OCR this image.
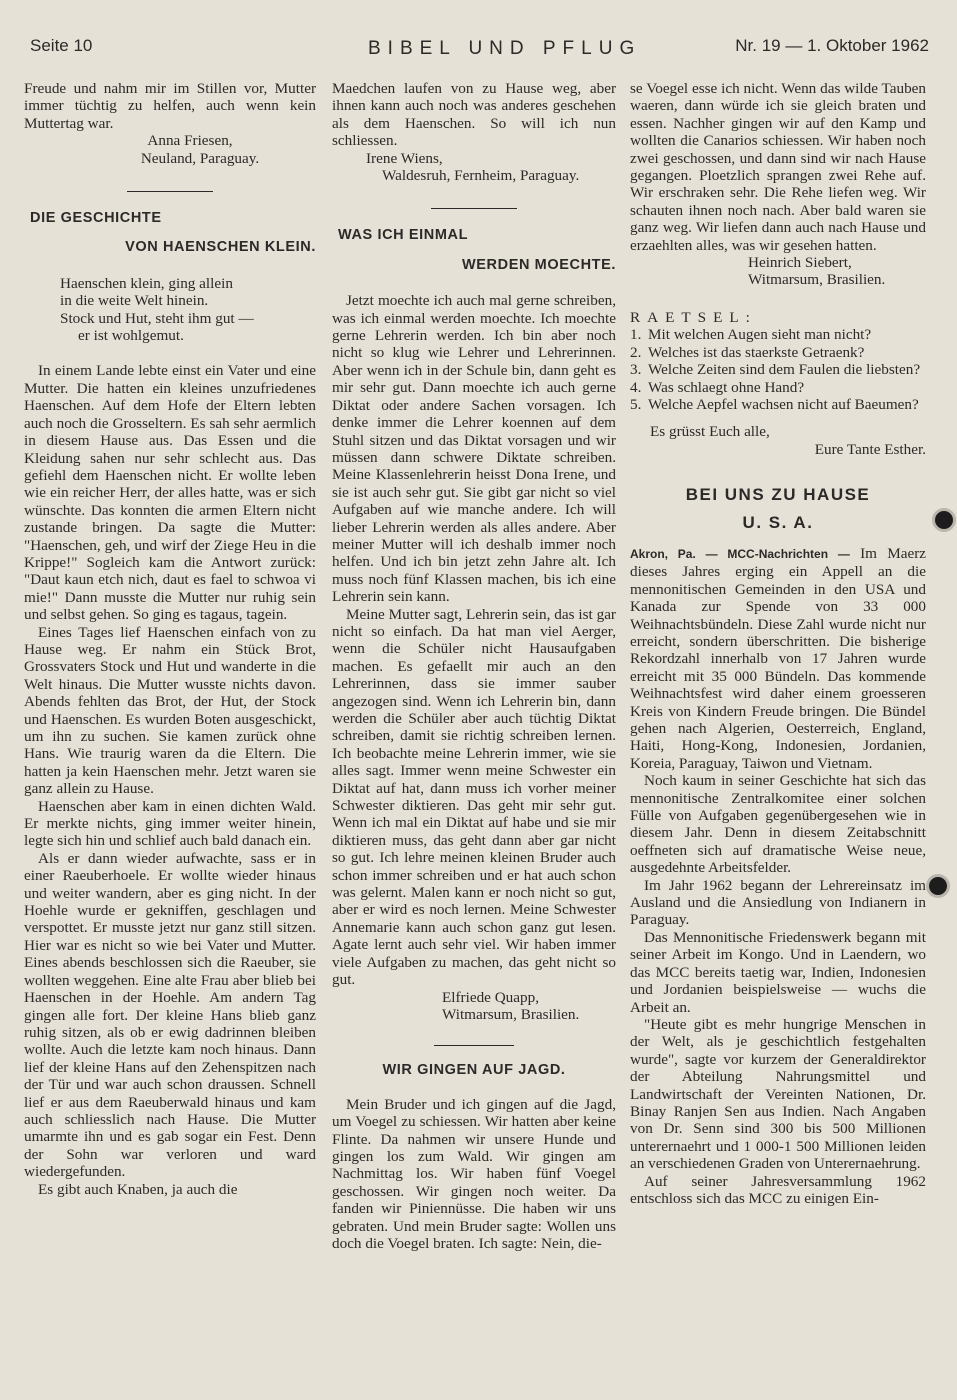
Seite 10	BIBEL UND PFLUG	Nr. 19 — 1. Oktober 1962

Freude und nahm mir im Stillen vor, Mutter immer tüchtig zu helfen, auch wenn kein Muttertag war.

Anna Friesen,

Neuland, Paraguay.

DIE GESCHICHTE
VON HAENSCHEN KLEIN.

Haenschen klein, ging allein

in die weite Welt hinein.

Stock und Hut, steht ihm gut —

er ist wohlgemut.

In einem Lande lebte einst ein Vater und eine Mutter. Die hatten ein kleines unzufriedenes Haenschen. Auf dem Hofe der Eltern lebten auch noch die Grosseltern. Es sah sehr aermlich in diesem Hause aus. Das Essen und die Kleidung sahen nur sehr schlecht aus. Das gefiehl dem Haenschen nicht. Er wollte leben wie ein reicher Herr, der alles hatte, was er sich wünschte. Das konnten die armen Eltern nicht zustande bringen. Da sagte die Mutter: "Haenschen, geh, und wirf der Ziege Heu in die Krippe!" Sogleich kam die Antwort zurück: "Daut kaun etch nich, daut es fael to schwoa vi mie!" Dann musste die Mutter nur ruhig sein und selbst gehen. So ging es tagaus, tagein.

Eines Tages lief Haenschen einfach von zu Hause weg. Er nahm ein Stück Brot, Grossvaters Stock und Hut und wanderte in die Welt hinaus. Die Mutter wusste nichts davon. Abends fehlten das Brot, der Hut, der Stock und Haenschen. Es wurden Boten ausgeschickt, um ihn zu suchen. Sie kamen zurück ohne Hans. Wie traurig waren da die Eltern. Die hatten ja kein Haenschen mehr. Jetzt waren sie ganz allein zu Hause.

Haenschen aber kam in einen dichten Wald. Er merkte nichts, ging immer weiter hinein, legte sich hin und schlief auch bald danach ein.

Als er dann wieder aufwachte, sass er in einer Raeuberhoele. Er wollte wieder hinaus und weiter wandern, aber es ging nicht. In der Hoehle wurde er gekniffen, geschlagen und verspottet. Er musste jetzt nur ganz still sitzen. Hier war es nicht so wie bei Vater und Mutter. Eines abends beschlossen sich die Raeuber, sie wollten weggehen. Eine alte Frau aber blieb bei Haenschen in der Hoehle. Am andern Tag gingen alle fort. Der kleine Hans blieb ganz ruhig sitzen, als ob er ewig dadrinnen bleiben wollte. Auch die letzte kam noch hinaus. Dann lief der kleine Hans auf den Zehenspitzen nach der Tür und war auch schon draussen. Schnell lief er aus dem Raeuberwald hinaus und kam auch schliesslich nach Hause. Die Mutter umarmte ihn und es gab sogar ein Fest. Denn der Sohn war verloren und ward wiedergefunden.

Es gibt auch Knaben, ja auch die

Maedchen laufen von zu Hause weg, aber ihnen kann auch noch was anderes geschehen als dem Haenschen. So will ich nun schliessen.

Irene Wiens,

Waldesruh, Fernheim, Paraguay.

WAS ICH EINMAL
WERDEN MOECHTE.

Jetzt moechte ich auch mal gerne schreiben, was ich einmal werden moechte. Ich moechte gerne Lehrerin werden. Ich bin aber noch nicht so klug wie Lehrer und Lehrerinnen. Aber wenn ich in der Schule bin, dann geht es mir sehr gut. Dann moechte ich auch gerne Diktat oder andere Sachen vorsagen. Ich denke immer die Lehrer koennen auf dem Stuhl sitzen und das Diktat vorsagen und wir müssen dann schwere Diktate schreiben. Meine Klassenlehrerin heisst Dona Irene, und sie ist auch sehr gut. Sie gibt gar nicht so viel Aufgaben auf wie manche andere. Ich will lieber Lehrerin werden als alles andere. Aber meiner Mutter will ich deshalb immer noch helfen. Und ich bin jetzt zehn Jahre alt. Ich muss noch fünf Klassen machen, bis ich eine Lehrerin sein kann.

Meine Mutter sagt, Lehrerin sein, das ist gar nicht so einfach. Da hat man viel Aerger, wenn die Schüler nicht Hausaufgaben machen. Es gefaellt mir auch an den Lehrerinnen, dass sie immer sauber angezogen sind. Wenn ich Lehrerin bin, dann werden die Schüler aber auch tüchtig Diktat schreiben, damit sie richtig schreiben lernen. Ich beobachte meine Lehrerin immer, wie sie alles sagt. Immer wenn meine Schwester ein Diktat auf hat, dann muss ich vorher meiner Schwester diktieren. Das geht mir sehr gut. Wenn ich mal ein Diktat auf habe und sie mir diktieren muss, das geht dann aber gar nicht so gut. Ich lehre meinen kleinen Bruder auch schon immer schreiben und er hat auch schon was gelernt. Malen kann er noch nicht so gut, aber er wird es noch lernen. Meine Schwester Annemarie kann auch schon ganz gut lesen. Agate lernt auch sehr viel. Wir haben immer viele Aufgaben zu machen, das geht nicht so gut.

Elfriede Quapp,

Witmarsum, Brasilien.

WIR GINGEN AUF JAGD.

Mein Bruder und ich gingen auf die Jagd, um Voegel zu schiessen. Wir hatten aber keine Flinte. Da nahmen wir unsere Hunde und gingen los zum Wald. Wir gingen am Nachmittag los. Wir haben fünf Voegel geschossen. Wir gingen noch weiter. Da fanden wir Piniennüsse. Die haben wir uns gebraten. Und mein Bruder sagte: Wollen uns doch die Voegel braten. Ich sagte: Nein, die-

se Voegel esse ich nicht. Wenn das wilde Tauben waeren, dann würde ich sie gleich braten und essen. Nachher gingen wir auf den Kamp und wollten die Canarios schiessen. Wir haben noch zwei geschossen, und dann sind wir nach Hause gegangen. Ploetzlich sprangen zwei Rehe auf. Wir erschraken sehr. Die Rehe liefen weg. Wir schauten ihnen noch nach. Aber bald waren sie ganz weg. Wir liefen dann auch nach Hause und erzaehlten alles, was wir gesehen hatten.

Heinrich Siebert,

Witmarsum, Brasilien.

RAETSEL:

1. Mit welchen Augen sieht man nicht?
2. Welches ist das staerkste Getraenk?
3. Welche Zeiten sind dem Faulen die liebsten?
4. Was schlaegt ohne Hand?
5. Welche Aepfel wachsen nicht auf Baeumen?

Es grüsst Euch alle,

Eure Tante Esther.

BEI UNS ZU HAUSE
U. S. A.

Akron, Pa. — MCC-Nachrichten — Im Maerz dieses Jahres erging ein Appell an die mennonitischen Gemeinden in den USA und Kanada zur Spende von 33 000 Weihnachtsbündeln. Diese Zahl wurde nicht nur erreicht, sondern überschritten. Die bisherige Rekordzahl innerhalb von 17 Jahren wurde erreicht mit 35 000 Bündeln. Das kommende Weihnachtsfest wird daher einem groesseren Kreis von Kindern Freude bringen. Die Bündel gehen nach Algerien, Oesterreich, England, Haiti, Hong-Kong, Indonesien, Jordanien, Koreia, Paraguay, Taiwon und Vietnam.

Noch kaum in seiner Geschichte hat sich das mennonitische Zentralkomitee einer solchen Fülle von Aufgaben gegenübergesehen wie in diesem Jahr. Denn in diesem Zeitabschnitt oeffneten sich auf dramatische Weise neue, ausgedehnte Arbeitsfelder.

Im Jahr 1962 begann der Lehrereinsatz im Ausland und die Ansiedlung von Indianern in Paraguay.

Das Mennonitische Friedenswerk begann mit seiner Arbeit im Kongo. Und in Laendern, wo das MCC bereits taetig war, Indien, Indonesien und Jordanien beispielsweise — wuchs die Arbeit an.

"Heute gibt es mehr hungrige Menschen in der Welt, als je geschichtlich festgehalten wurde", sagte vor kurzem der Generaldirektor der Abteilung Nahrungsmittel und Landwirtschaft der Vereinten Nationen, Dr. Binay Ranjen Sen aus Indien. Nach Angaben von Dr. Senn sind 300 bis 500 Millionen unterernaehrt und 1 000-1 500 Millionen leiden an verschiedenen Graden von Unterernaehrung.

Auf seiner Jahresversammlung 1962 entschloss sich das MCC zu einigen Ein-
